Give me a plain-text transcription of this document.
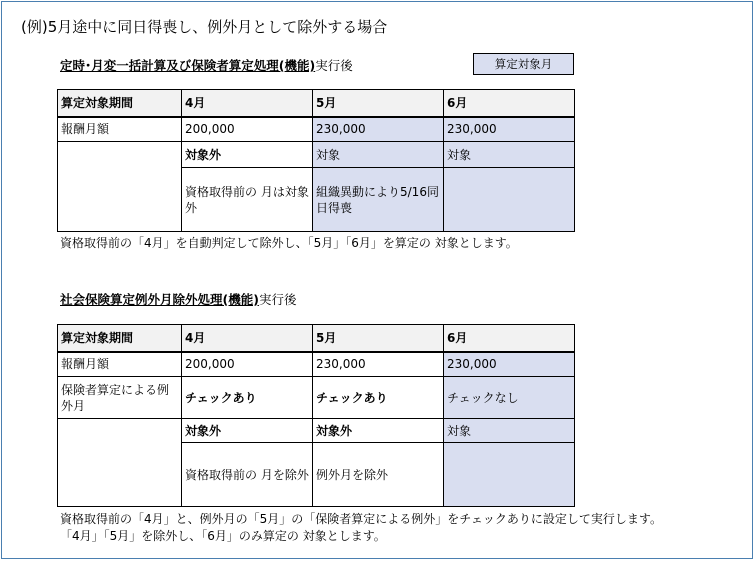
(例)5月途中に同日得喪し、例外月として除外する場合
定時･月変一括計算及び保険者算定処理(機能)実行後	算定対象月
算定対象期間	4月	5月	6月
報酬月額	200,000	230,000	230,000
	対象外	対象	対象
	資格取得前の 月は対象外	組織異動により5/16同日得喪	
資格取得前の「4月」を自動判定して除外し、「5月」「6月」を算定の 対象とします。
社会保険算定例外月除外処理(機能)実行後
算定対象期間	4月	5月	6月
報酬月額	200,000	230,000	230,000
保険者算定による例外月	チェックあり	チェックあり	チェックなし
	対象外	対象外	対象
	資格取得前の 月を除外	例外月を除外	
資格取得前の「4月」と、例外月の「5月」の「保険者算定による例外」をチェックありに設定して実行します。
「4月」「5月」を除外し、「6月」のみ算定の 対象とします。
